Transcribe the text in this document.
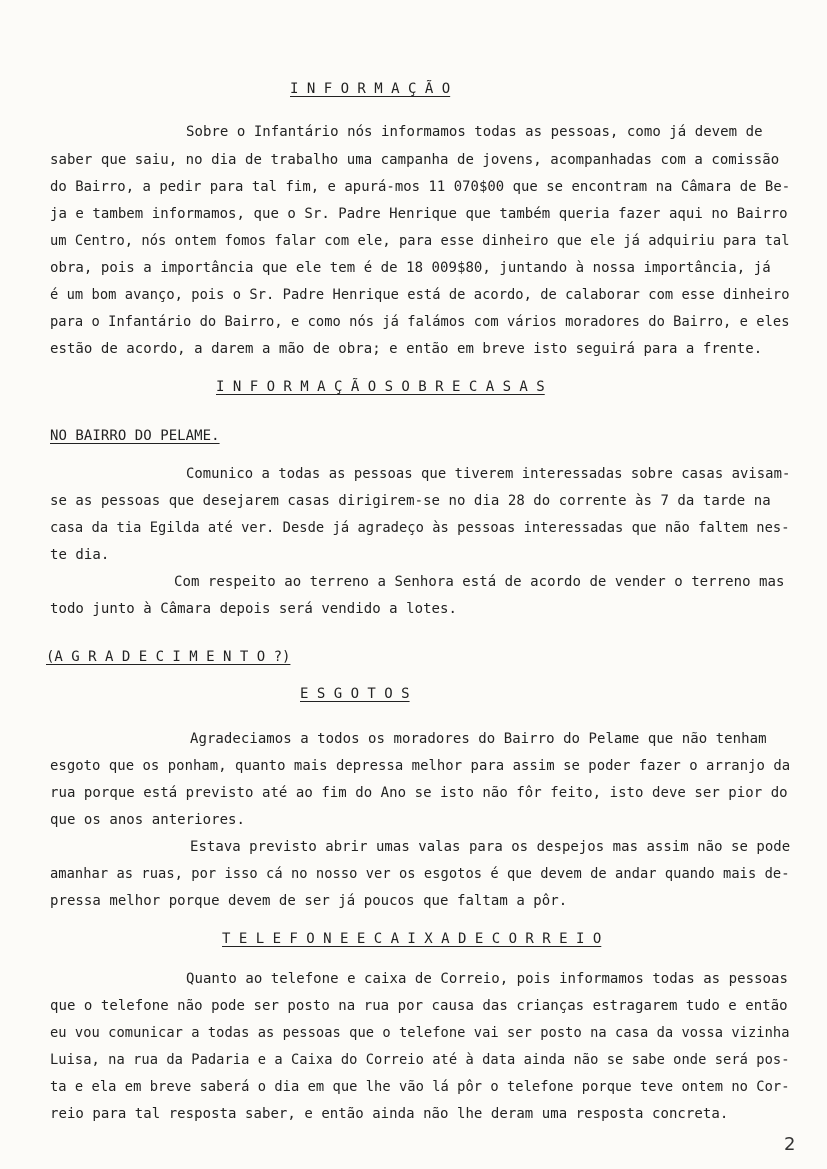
I N F O R M A Ç Ã O
Sobre o Infantário nós informamos todas as pessoas, como já devem de
saber que saiu, no dia de trabalho uma campanha de jovens, acompanhadas com a comissão
do Bairro, a pedir para tal fim, e apurá-mos 11 070$00 que se encontram na Câmara de Be-
ja e tambem informamos, que o Sr. Padre Henrique que também queria fazer aqui no Bairro
um Centro, nós ontem fomos falar com ele, para esse dinheiro que ele já adquiriu para tal
obra, pois a importância que ele tem é de 18 009$80, juntando à nossa importância, já
é um bom avanço, pois o Sr. Padre Henrique está de acordo, de calaborar com esse dinheiro
para o Infantário do Bairro, e como nós já falámos com vários moradores do Bairro, e eles
estão de acordo, a darem a mão de obra; e então em breve isto seguirá para a frente.
I N F O R M A Ç Ã O S O B R E C A S A S
NO BAIRRO DO PELAME.
Comunico a todas as pessoas que tiverem interessadas sobre casas avisam-
se as pessoas que desejarem casas dirigirem-se no dia 28 do corrente às 7 da tarde na
casa da tia Egilda até ver. Desde já agradeço às pessoas interessadas que não faltem nes-
te dia.
Com respeito ao terreno a Senhora está de acordo de vender o terreno mas
todo junto à Câmara depois será vendido a lotes.
(A G R A D E C I M E N T O ?)
E S G O T O S
Agradeciamos a todos os moradores do Bairro do Pelame que não tenham
esgoto que os ponham, quanto mais depressa melhor para assim se poder fazer o arranjo da
rua porque está previsto até ao fim do Ano se isto não fôr feito, isto deve ser pior do
que os anos anteriores.
Estava previsto abrir umas valas para os despejos mas assim não se pode
amanhar as ruas, por isso cá no nosso ver os esgotos é que devem de andar quando mais de-
pressa melhor porque devem de ser já poucos que faltam a pôr.
T E L E F O N E E C A I X A D E C O R R E I O
Quanto ao telefone e caixa de Correio, pois informamos todas as pessoas
que o telefone não pode ser posto na rua por causa das crianças estragarem tudo e então
eu vou comunicar a todas as pessoas que o telefone vai ser posto na casa da vossa vizinha
Luisa, na rua da Padaria e a Caixa do Correio até à data ainda não se sabe onde será pos-
ta e ela em breve saberá o dia em que lhe vão lá pôr o telefone porque teve ontem no Cor-
reio para tal resposta saber, e então ainda não lhe deram uma resposta concreta.
2
